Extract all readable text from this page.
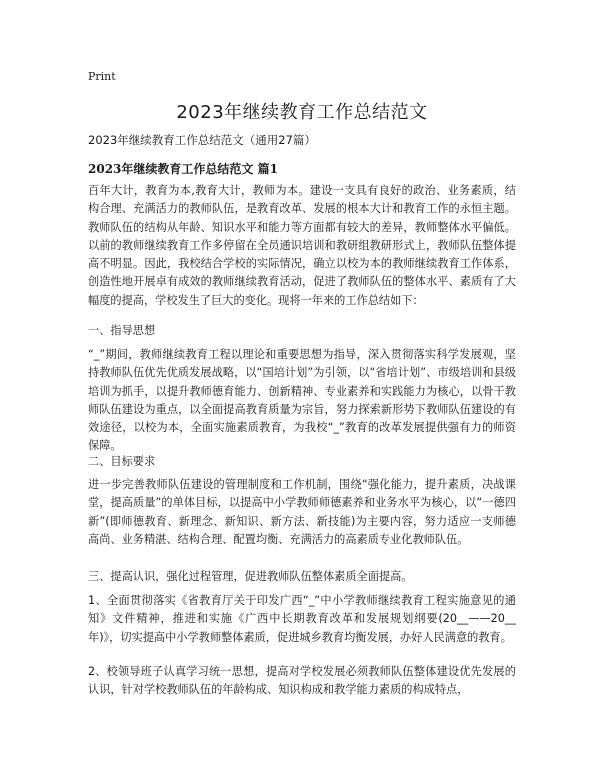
Print
2023年继续教育工作总结范文
2023年继续教育工作总结范文（通用27篇）
2023年继续教育工作总结范文 篇1

百年大计，教育为本,教育大计，教师为本。建设一支具有良好的政治、业务素质，结构合理、充满活力的教师队伍，是教育改革、发展的根本大计和教育工作的永恒主题。教师队伍的结构从年龄、知识水平和能力等方面都有较大的差异，教师整体水平偏低。以前的教师继续教育工作多停留在全员通识培训和教研组教研形式上，教师队伍整体提高不明显。因此，我校结合学校的实际情况，确立以校为本的教师继续教育工作体系，创造性地开展卓有成效的教师继续教育活动，促进了教师队伍的整体水平、素质有了大幅度的提高，学校发生了巨大的变化。现将一年来的工作总结如下：

一、指导思想

“_”期间，教师继续教育工程以理论和重要思想为指导，深入贯彻落实科学发展观，坚持教师队伍优先优质发展战略，以“国培计划”为引领，以“省培计划”、市级培训和县级培训为抓手，以提升教师德育能力、创新精神、专业素养和实践能力为核心，以骨干教师队伍建设为重点，以全面提高教育质量为宗旨，努力探索新形势下教师队伍建设的有效途径，以校为本，全面实施素质教育，为我校“_”教育的改革发展提供强有力的师资保障。

二、目标要求

进一步完善教师队伍建设的管理制度和工作机制，围绕“强化能力，提升素质，决战课堂，提高质量”的单体目标，以提高中小学教师师德素养和业务水平为核心，以“一德四新”(即师德教育、新理念、新知识、新方法、新技能)为主要内容，努力适应一支师德高尚、业务精湛、结构合理、配置均衡、充满活力的高素质专业化教师队伍。

三、提高认识，强化过程管理，促进教师队伍整体素质全面提高。

1、全面贯彻落实《省教育厅关于印发广西“_”中小学教师继续教育工程实施意见的通知》文件精神，推进和实施《广西中长期教育改革和发展规划纲要(20__——20__年)》，切实提高中小学教师整体素质，促进城乡教育均衡发展，办好人民满意的教育。

2、校领导班子认真学习统一思想，提高对学校发展必须教师队伍整体建设优先发展的认识，针对学校教师队伍的年龄构成、知识构成和教学能力素质的构成特点，
